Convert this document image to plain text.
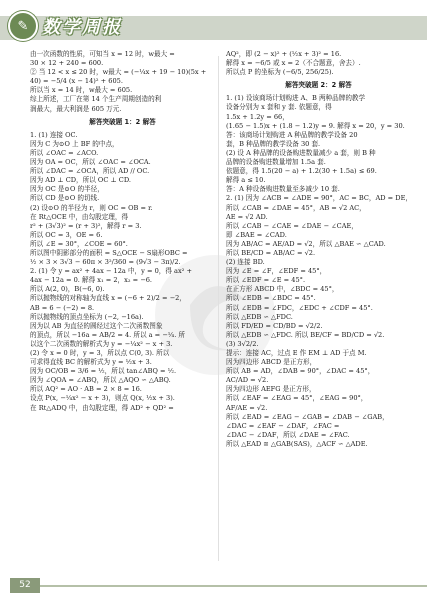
✎ 数学周报

由一次函数的性质，可知当 x = 12 时，w最大 =

30 × 12 + 240 = 600.

② 当 12 < x ≤ 20 时，w最大 = (−¼x + 19 − 10)(5x +

40) = −5/4 (x − 14)² + 605.

所以当 x = 14 时，w最大 = 605.

综上所述，工厂在第 14 个生产周期创造的利

润最大，最大利润是 605 万元.

解答突破题 1：2 解答

1. (1) 连接 OC.

因为 C 为⊙O 上 BF 的中点，

所以 ∠OAC = ∠ACO.

因为 OA = OC，所以 ∠OAC = ∠OCA.

所以 ∠DAC = ∠OCA，所以 AD // OC.

因为 AD ⊥ CD，所以 OC ⊥ CD.

因为 OC 是⊙O 的半径，

所以 CD 是⊙O 的切线.

(2) 设⊙O 的半径为 r，则 OC = OB = r.

在 Rt△OCE 中，由勾股定理，得

r² + (3√3)² = (r + 3)²，解得 r = 3.

所以 OC = 3，OE = 6.

所以 ∠E = 30°，∠COE = 60°.

所以图中阴影部分的面积 = S△OCE − S扇形OBC =

½ × 3 × 3√3 − 60π × 3²/360 = (9√3 − 3π)/2.

2. (1) 令 y = ax² + 4ax − 12a 中，y = 0，得 ax² +

4ax − 12a = 0. 解得 x₁ = 2，x₂ = −6.

所以 A(2, 0)，B(−6, 0).

所以抛物线的对称轴为直线 x = (−6 + 2)/2 = −2，

AB = 6 − (−2) = 8.

所以抛物线的顶点坐标为 (−2, −16a).

因为以 AB 为直径的圆经过这个二次函数图象

的顶点，所以 −16a = AB/2 = 4. 所以 a = −¼. 所

以这个二次函数的解析式为 y = −¼x² − x + 3.

(2) 令 x = 0 时，y = 3，所以点 C(0, 3). 所以

可求得直线 BC 的解析式为 y = ½x + 3.

因为 OC/OB = 3/6 = ½，所以 tan∠ABQ = ½.

因为 ∠QOA = ∠ABQ，所以 △AQO ∽ △ABQ.

所以 AQ² = AO · AB = 2 × 8 = 16.

设点 P(x, −¼x² − x + 3)，则点 Q(x, ½x + 3).

在 Rt△ADQ 中，由勾股定理，得 AD² + QD² =

AQ²，即 (2 − x)² + (½x + 3)² = 16.

解得 x = −6/5 或 x = 2（不合题意，舍去）.

所以点 P 的坐标为 (−6/5, 256/25).

解答突破题 2：2 解答

1. (1) 设该商场计划购进 A、B 两种品牌的教学

设备分别为 x 套和 y 套. 依题意，得

1.5x + 1.2y = 66，

(1.65 − 1.5)x + (1.8 − 1.2)y = 9. 解得 x = 20，y = 30.

答：该商场计划购进 A 种品牌的教学设备 20

套，B 种品牌的教学设备 30 套.

(2) 设 A 种品牌的设备购进数量减少 a 套，则 B 种

品牌的设备购进数量增加 1.5a 套.

依题意，得 1.5(20 − a) + 1.2(30 + 1.5a) ≤ 69.

解得 a ≤ 10.

答：A 种设备购进数量至多减少 10 套.

2. (1) 因为 ∠ACB = ∠ADE = 90°，AC = BC，AD = DE，

所以 ∠CAB = ∠DAE = 45°，AB = √2 AC，

AE = √2 AD.

所以 ∠CAB − ∠CAE = ∠DAE − ∠CAE，

即 ∠BAE = ∠CAD.

因为 AB/AC = AE/AD = √2，所以 △BAE ∽ △CAD.

所以 BE/CD = AB/AC = √2.

(2) 连接 BD.

因为 ∠E = ∠F，∠EDF = 45°，

所以 ∠EDF = ∠E = 45°.

在正方形 ABCD 中，∠BDC = 45°，

所以 ∠EDB = ∠BDC = 45°.

所以 ∠EDB = ∠FDC，∠EDC + ∠CDF = 45°.

所以 △EDB ∽ △FDC.

所以 FD/ED = CD/BD = √2/2.

所以 △EDB ∽ △FDC. 所以 BE/CF = BD/CD = √2.

(3) 3√2/2.

提示：连接 AC，过点 E 作 EM ⊥ AD 于点 M.

因为四边形 ABCD 是正方形，

所以 AB = AD，∠DAB = 90°，∠DAC = 45°，

AC/AD = √2.

因为四边形 AEFG 是正方形，

所以 ∠EAF = ∠EAG = 45°，∠EAG = 90°，

AF/AE = √2.

所以 ∠EAD = ∠EAG − ∠GAB = ∠DAB − ∠GAB，

∠DAC = ∠EAF − ∠DAF，∠FAC =

∠DAC − ∠DAF，所以 ∠DAE = ∠FAC.

所以 △EAD ≅ △GAB(SAS)，△ACF ∽ △ADE.

52
